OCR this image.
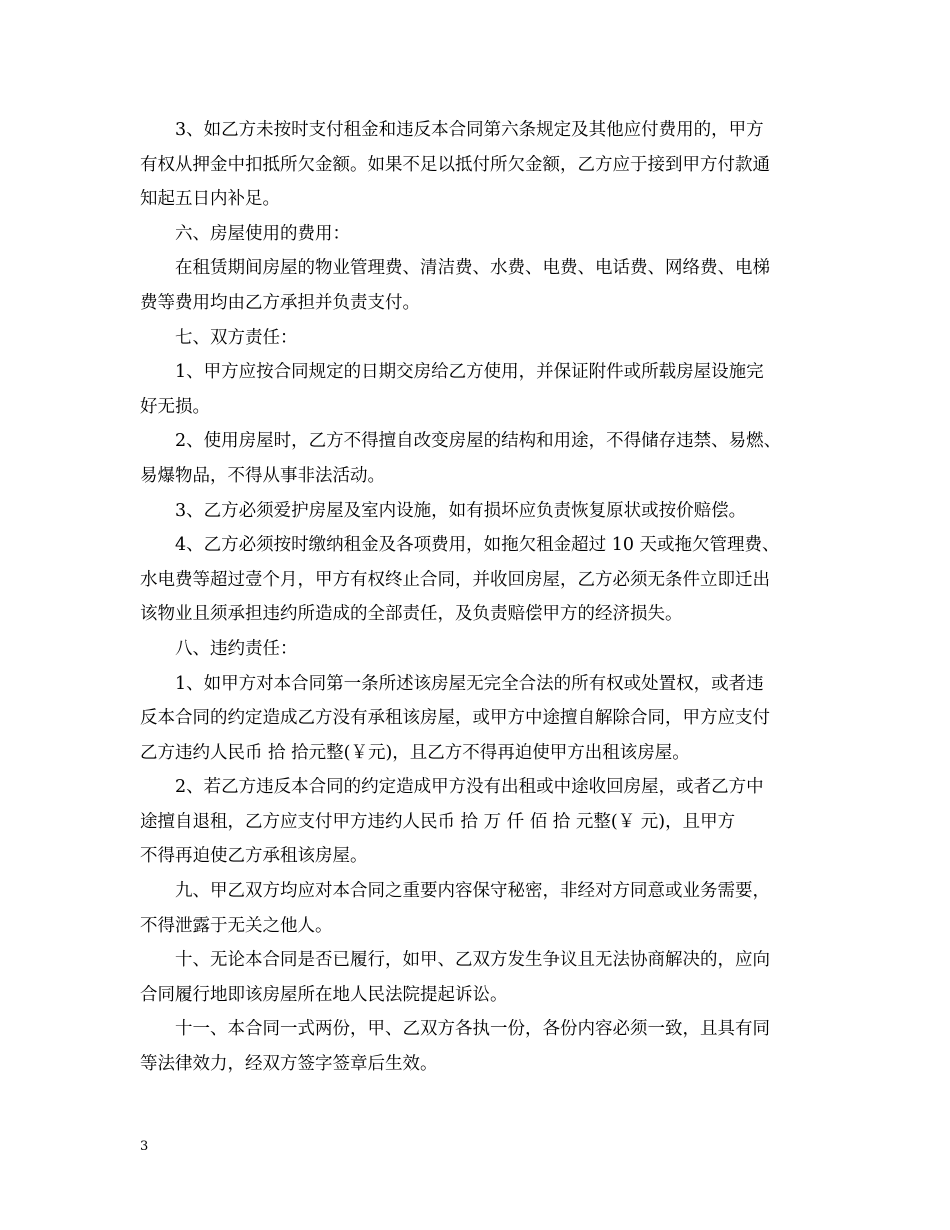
3、如乙方未按时支付租金和违反本合同第六条规定及其他应付费用的，甲方
有权从押金中扣抵所欠金额。如果不足以抵付所欠金额，乙方应于接到甲方付款通
知起五日内补足。
六、房屋使用的费用：
在租赁期间房屋的物业管理费、清洁费、水费、电费、电话费、网络费、电梯
费等费用均由乙方承担并负责支付。
七、双方责任：
1、甲方应按合同规定的日期交房给乙方使用，并保证附件或所载房屋设施完
好无损。
2、使用房屋时，乙方不得擅自改变房屋的结构和用途，不得储存违禁、易燃、
易爆物品，不得从事非法活动。
3、乙方必须爱护房屋及室内设施，如有损坏应负责恢复原状或按价赔偿。
4、乙方必须按时缴纳租金及各项费用，如拖欠租金超过 10 天或拖欠管理费、
水电费等超过壹个月，甲方有权终止合同，并收回房屋，乙方必须无条件立即迁出
该物业且须承担违约所造成的全部责任，及负责赔偿甲方的经济损失。
八、违约责任：
1、如甲方对本合同第一条所述该房屋无完全合法的所有权或处置权，或者违
反本合同的约定造成乙方没有承租该房屋，或甲方中途擅自解除合同，甲方应支付
乙方违约人民币 拾 拾元整(￥元)，且乙方不得再迫使甲方出租该房屋。
2、若乙方违反本合同的约定造成甲方没有出租或中途收回房屋，或者乙方中
途擅自退租，乙方应支付甲方违约人民币 拾 万 仟 佰 拾 元整(￥ 元)，且甲方
不得再迫使乙方承租该房屋。
九、甲乙双方均应对本合同之重要内容保守秘密，非经对方同意或业务需要，
不得泄露于无关之他人。
十、无论本合同是否已履行，如甲、乙双方发生争议且无法协商解决的，应向
合同履行地即该房屋所在地人民法院提起诉讼。
十一、本合同一式两份，甲、乙双方各执一份，各份内容必须一致，且具有同
等法律效力，经双方签字签章后生效。
3
